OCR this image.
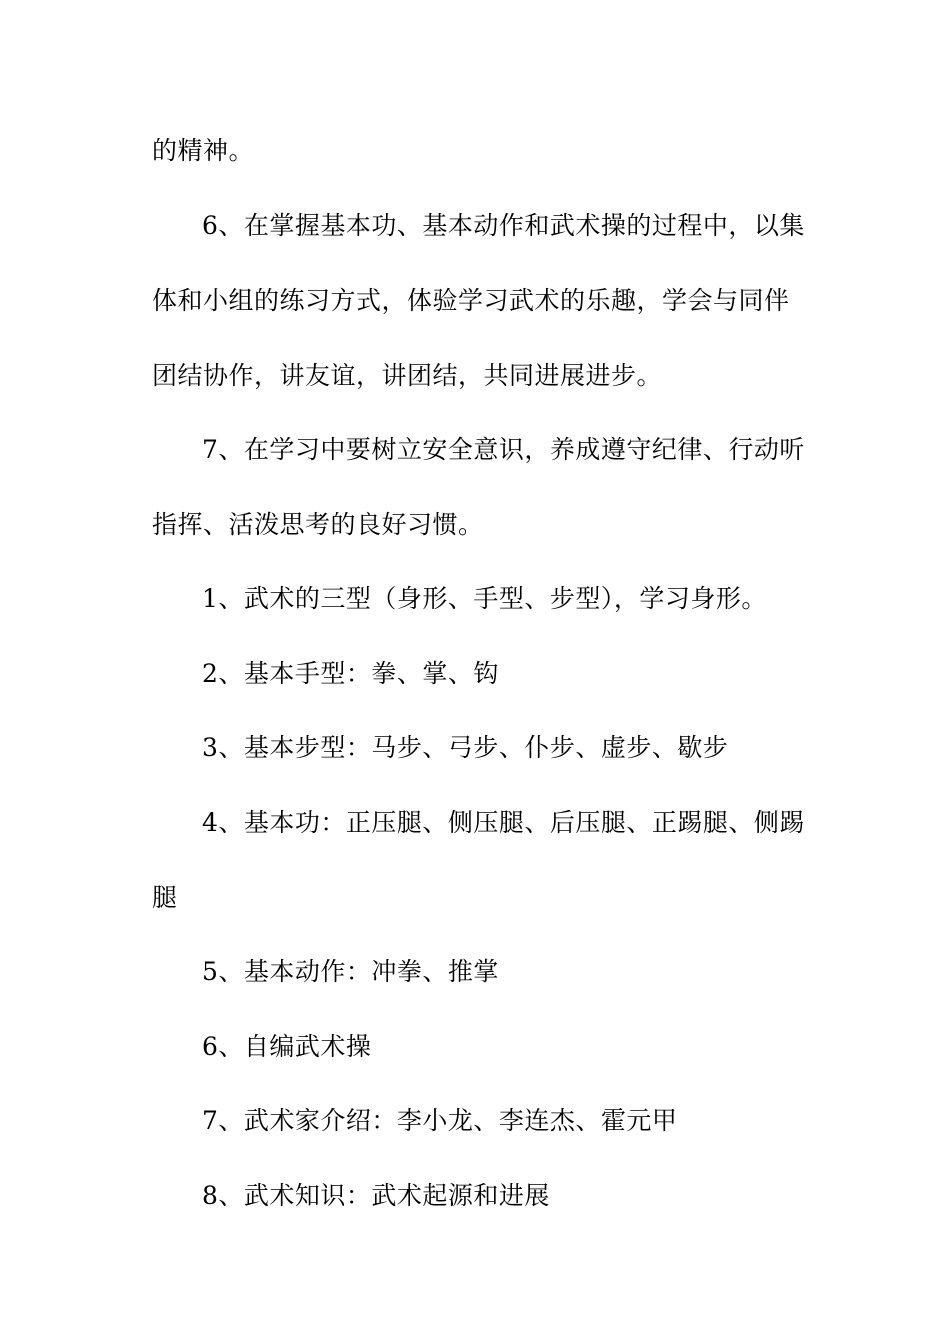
的精神。
6、在掌握基本功、基本动作和武术操的过程中，以集
体和小组的练习方式，体验学习武术的乐趣，学会与同伴
团结协作，讲友谊，讲团结，共同进展进步。
7、在学习中要树立安全意识，养成遵守纪律、行动听
指挥、活泼思考的良好习惯。
1、武术的三型（身形、手型、步型），学习身形。
2、基本手型：拳、掌、钩
3、基本步型：马步、弓步、仆步、虚步、歇步
4、基本功：正压腿、侧压腿、后压腿、正踢腿、侧踢
腿
5、基本动作：冲拳、推掌
6、自编武术操
7、武术家介绍：李小龙、李连杰、霍元甲
8、武术知识：武术起源和进展
